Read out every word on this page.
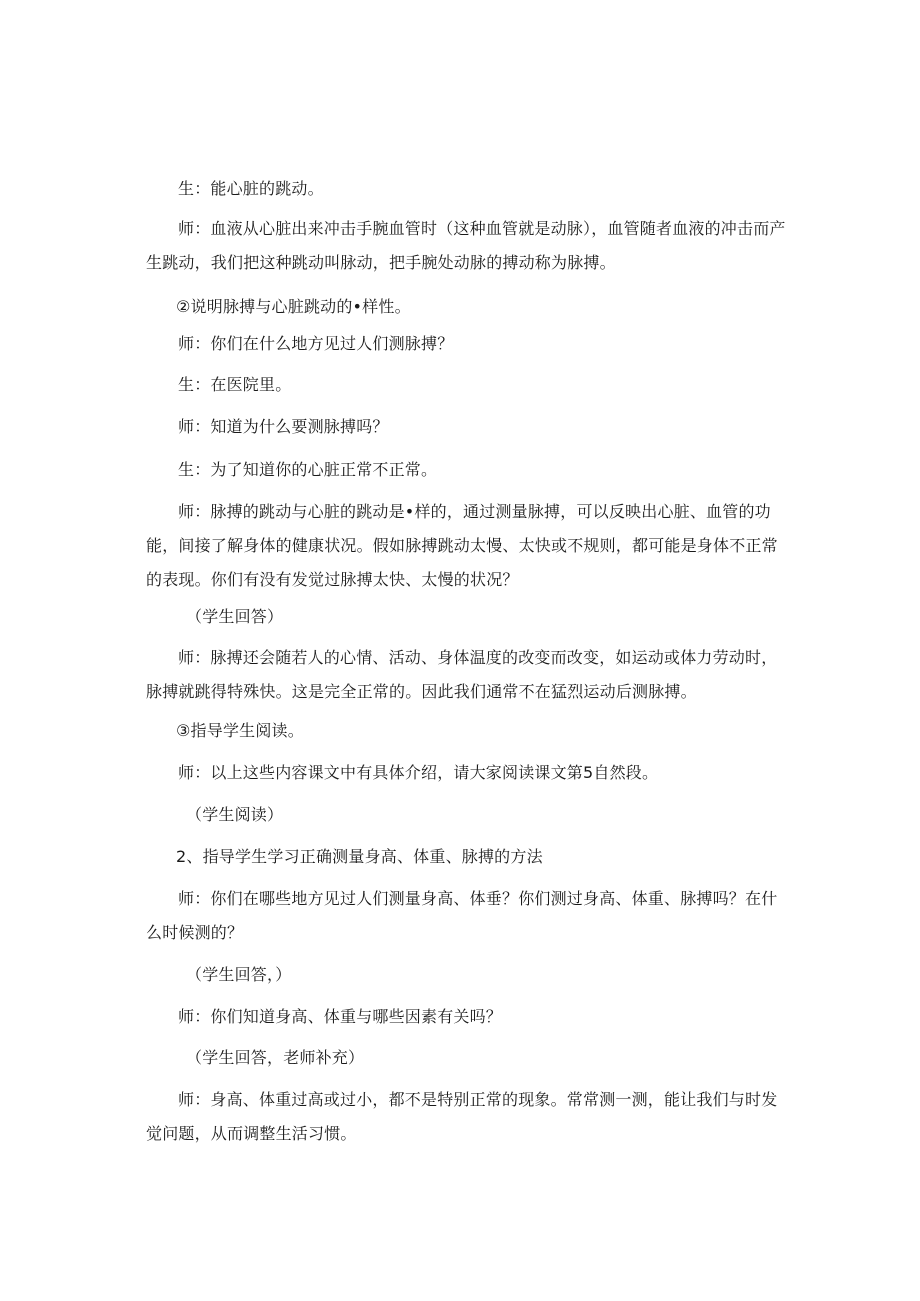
生：能心脏的跳动。

师：血液从心脏出来冲击手腕血管时（这种血管就是动脉），血管随者血液的冲击而产生跳动，我们把这种跳动叫脉动，把手腕处动脉的搏动称为脉搏。

②说明脉搏与心脏跳动的•样性。

师：你们在什么地方见过人们测脉搏？

生：在医院里。

师：知道为什么要测脉搏吗？

生：为了知道你的心脏正常不正常。

师：脉搏的跳动与心脏的跳动是•样的，通过测量脉搏，可以反映出心脏、血管的功能，间接了解身体的健康状况。假如脉搏跳动太慢、太快或不规则，都可能是身体不正常的表现。你们有没有发觉过脉搏太快、太慢的状况？

（学生回答）

师：脉搏还会随若人的心情、活动、身体温度的改变而改变，如运动或体力劳动时，脉搏就跳得特殊快。这是完全正常的。因此我们通常不在猛烈运动后测脉搏。

③指导学生阅读。

师：以上这些内容课文中有具体介绍，请大家阅读课文第5自然段。

（学生阅读）

2、指导学生学习正确测量身高、体重、脉搏的方法

师：你们在哪些地方见过人们测量身高、体垂？你们测过身高、体重、脉搏吗？在什么时候测的？

（学生回答，）

师：你们知道身高、体重与哪些因素有关吗？

（学生回答，老师补充）

师：身高、体重过高或过小，都不是特别正常的现象。常常测一测，能让我们与时发觉问题，从而调整生活习惯。
